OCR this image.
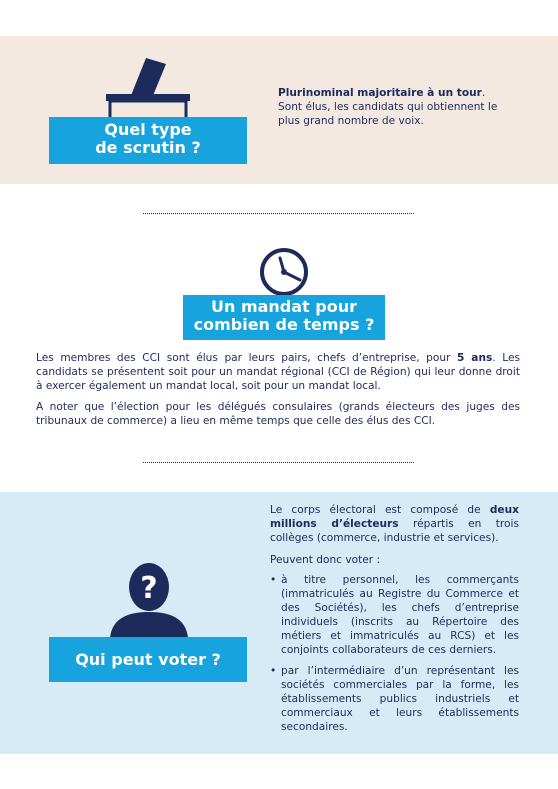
Quel type
de scrutin ?

Plurinominal majoritaire à un tour. Sont élus, les candidats qui obtiennent le plus grand nombre de voix.

Un mandat pour
combien de temps ?

Les membres des CCI sont élus par leurs pairs, chefs d’entreprise, pour 5 ans. Les candidats se présentent soit pour un mandat régional (CCI de Région) qui leur donne droit à exercer également un mandat local, soit pour un mandat local.

A noter que l’élection pour les délégués consulaires (grands électeurs des juges des tribunaux de commerce) a lieu en même temps que celle des élus des CCI.

?
Qui peut voter ?

Le corps électoral est composé de deux millions d’électeurs répartis en trois collèges (commerce, industrie et services).

Peuvent donc voter :

• à titre personnel, les commerçants (immatriculés au Registre du Commerce et des Sociétés), les chefs d’entreprise individuels (inscrits au Répertoire des métiers et immatriculés au RCS) et les conjoints collaborateurs de ces derniers.

• par l’intermédiaire d’un représentant les sociétés commerciales par la forme, les établissements publics industriels et commerciaux et leurs établissements secondaires.
